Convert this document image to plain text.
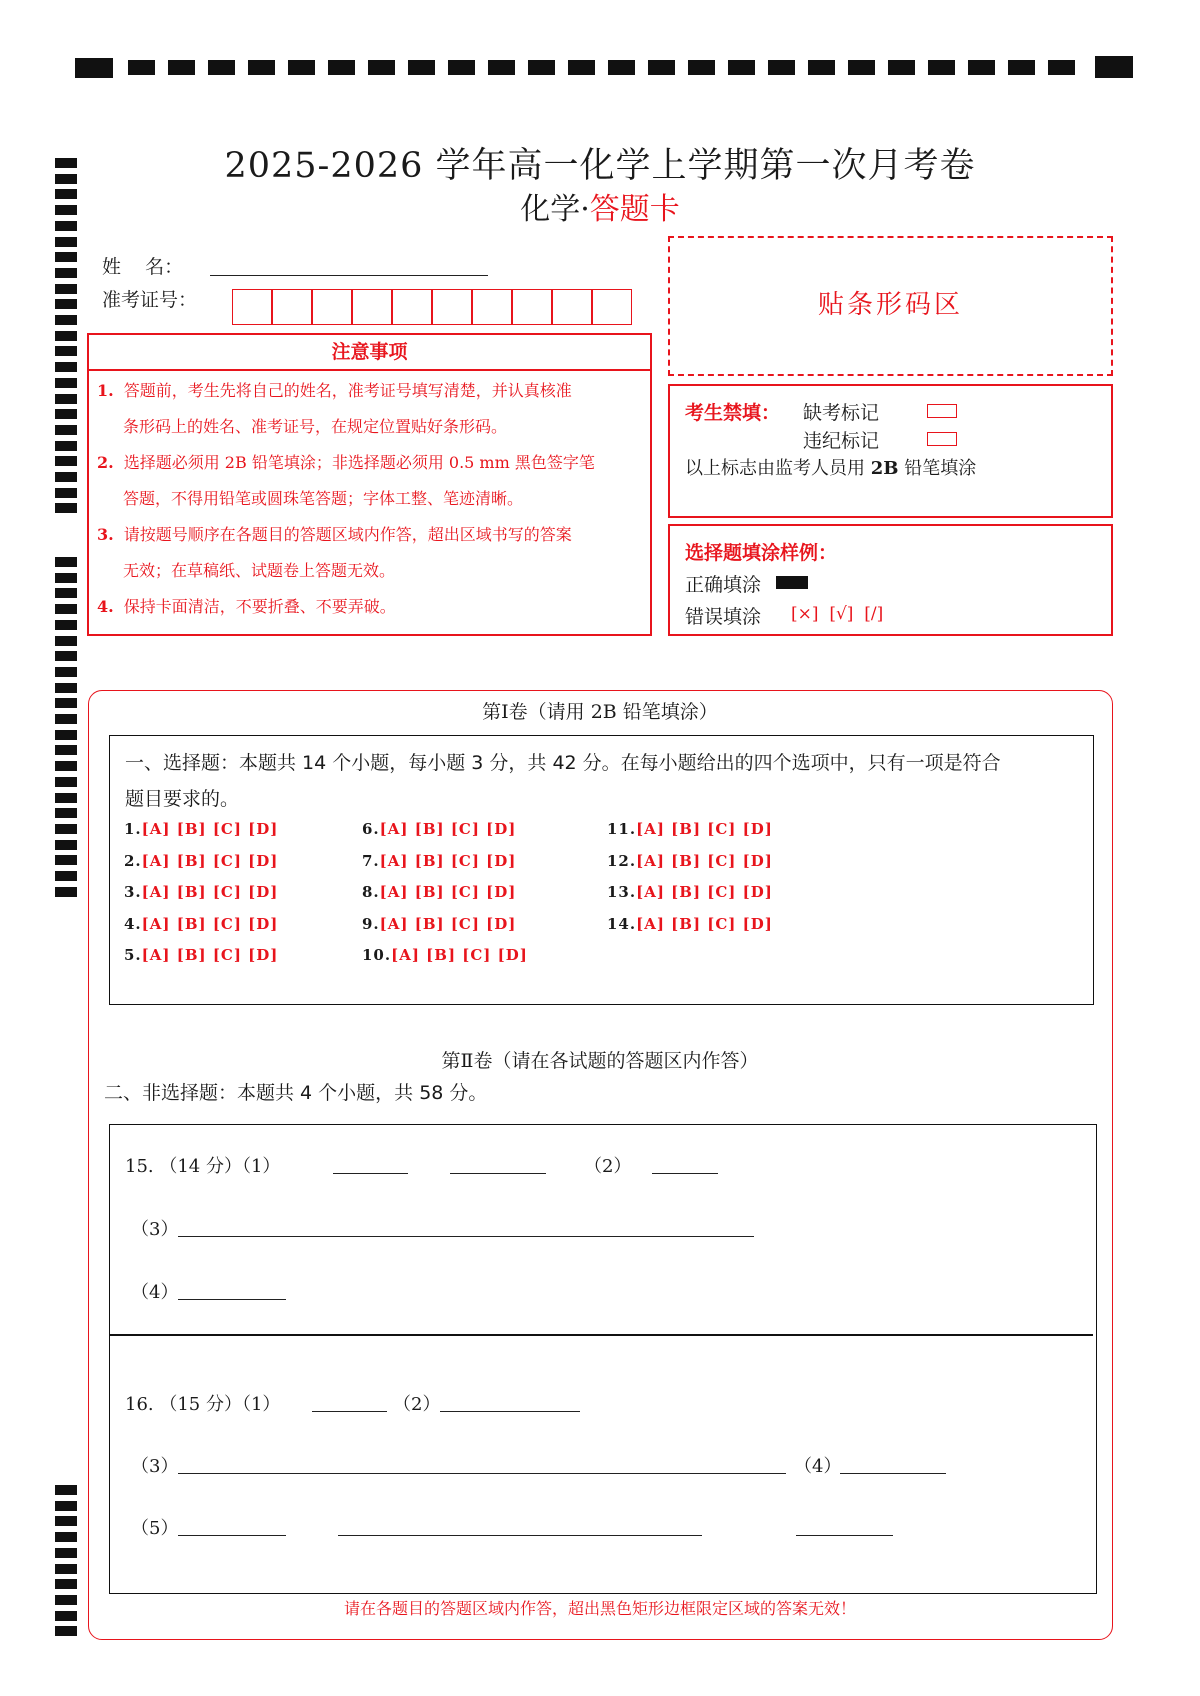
2025-2026 学年高一化学上学期第一次月考卷
化学·答题卡
姓    名：
准考证号：	贴条形码区
注意事项
1. 答题前，考生先将自己的姓名，准考证号填写清楚，并认真核准
条形码上的姓名、准考证号，在规定位置贴好条形码。
2. 选择题必须用 2B 铅笔填涂；非选择题必须用 0.5 mm 黑色签字笔
答题，不得用铅笔或圆珠笔答题；字体工整、笔迹清晰。
3. 请按题号顺序在各题目的答题区域内作答，超出区域书写的答案
无效；在草稿纸、试题卷上答题无效。
4. 保持卡面清洁，不要折叠、不要弄破。
考生禁填： 缺考标记
违纪标记
以上标志由监考人员用 2B 铅笔填涂
选择题填涂样例：
正确填涂
错误填涂 [×]  [√]  [/]
第Ⅰ卷（请用 2B 铅笔填涂）
一、选择题：本题共 14 个小题，每小题 3 分，共 42 分。在每小题给出的四个选项中，只有一项是符合
题目要求的。
1.[A] [B] [C] [D]
2.[A] [B] [C] [D]
3.[A] [B] [C] [D]
4.[A] [B] [C] [D]
5.[A] [B] [C] [D]
6.[A] [B] [C] [D]
7.[A] [B] [C] [D]
8.[A] [B] [C] [D]
9.[A] [B] [C] [D]
10.[A] [B] [C] [D]
11.[A] [B] [C] [D]
12.[A] [B] [C] [D]
13.[A] [B] [C] [D]
14.[A] [B] [C] [D]
第Ⅱ卷（请在各试题的答题区内作答）
二、非选择题：本题共 4 个小题，共 58 分。
15. （14 分）（1）	（2）
（3）
（4）
16. （15 分）（1）	（2）
（3）	（4）
（5）
请在各题目的答题区域内作答，超出黑色矩形边框限定区域的答案无效！
